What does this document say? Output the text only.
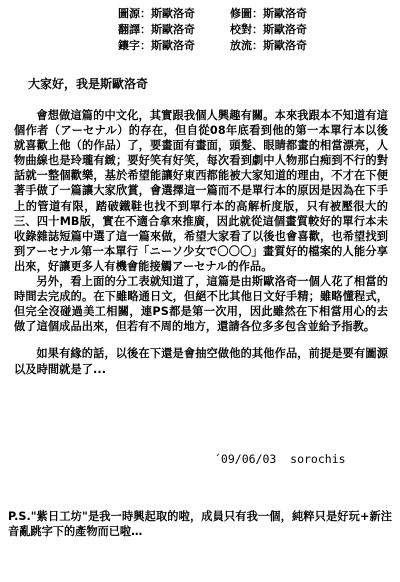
圖源：斯歐洛奇	修圖：斯歐洛奇
翻譯：斯歐洛奇	校對：斯歐洛奇
鑲字：斯歐洛奇	放流：斯歐洛奇
大家好，我是斯歐洛奇

會想做這篇的中文化，其實跟我個人興趣有關。本來我跟本不知道有這個作者（アーセナル）的存在，但自從08年底看到他的第一本單行本以後就喜歡上他（的作品）了，要畫面有畫面，頭髮、眼睛都畫的相當漂亮，人物曲線也是玲瓏有緻；要好笑有好笑，每次看到劇中人物那白痴到不行的對話就一整個歡樂，基於希望能讓好東西都能被大家知道的理由，不才在下便著手做了一篇讓大家欣賞，會選擇這一篇而不是單行本的原因是因為在下手上的管道有限，踏破鐵鞋也找不到單行本的高解析度版，只有被壓很大的三、四十MB版，實在不適合拿來推廣，因此就從這個畫質較好的單行本未收錄雜誌短篇中選了這一篇來做，希望大家看了以後也會喜歡，也希望找到到アーセナル第一本單行「ニーソ少女で〇〇〇」畫質好的檔案的人能分享出來，好讓更多人有機會能接觸アーセナル的作品。

另外，看上面的分工表就知道了，這篇是由斯歐洛奇一個人花了相當的時間去完成的。在下雖略通日文，但絕不比其他日文好手精；雖略懂程式，但完全沒碰過美工相關，連PS都是第一次用，因此雖然在下相當用心的去做了這個成品出來，但若有不周的地方，還請各位多多包含並給予指教。

如果有緣的話，以後在下還是會抽空做他的其他作品，前提是要有圖源以及時間就是了...

´09/06/03  sorochis

P.S."紫日工坊"是我一時興起取的啦，成員只有我一個，純粹只是好玩+新注音亂跳字下的產物而已啦…
